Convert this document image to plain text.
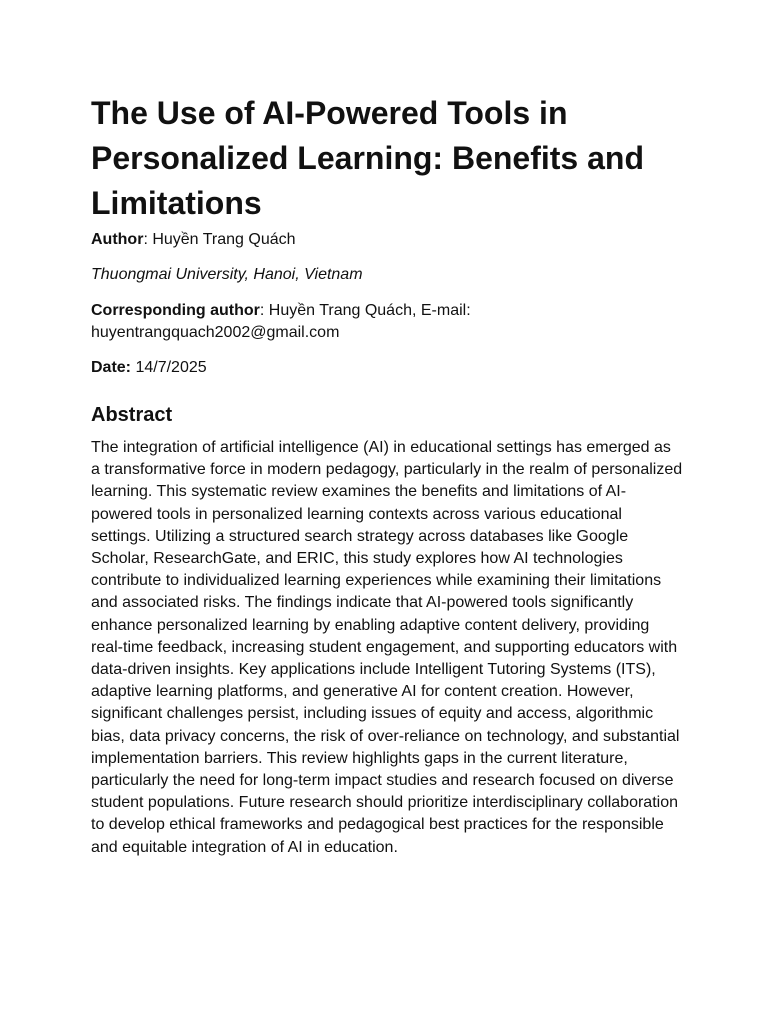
The Use of AI-Powered Tools in Personalized Learning: Benefits and Limitations

Author: Huyền Trang Quách

Thuongmai University, Hanoi, Vietnam

Corresponding author: Huyền Trang Quách, E-mail: huyentrangquach2002@gmail.com

Date: 14/7/2025

Abstract

The integration of artificial intelligence (AI) in educational settings has emerged as a transformative force in modern pedagogy, particularly in the realm of personalized learning. This systematic review examines the benefits and limitations of AI-powered tools in personalized learning contexts across various educational settings. Utilizing a structured search strategy across databases like Google Scholar, ResearchGate, and ERIC, this study explores how AI technologies contribute to individualized learning experiences while examining their limitations and associated risks. The findings indicate that AI-powered tools significantly enhance personalized learning by enabling adaptive content delivery, providing real-time feedback, increasing student engagement, and supporting educators with data-driven insights. Key applications include Intelligent Tutoring Systems (ITS), adaptive learning platforms, and generative AI for content creation. However, significant challenges persist, including issues of equity and access, algorithmic bias, data privacy concerns, the risk of over-reliance on technology, and substantial implementation barriers. This review highlights gaps in the current literature, particularly the need for long-term impact studies and research focused on diverse student populations. Future research should prioritize interdisciplinary collaboration to develop ethical frameworks and pedagogical best practices for the responsible and equitable integration of AI in education.
